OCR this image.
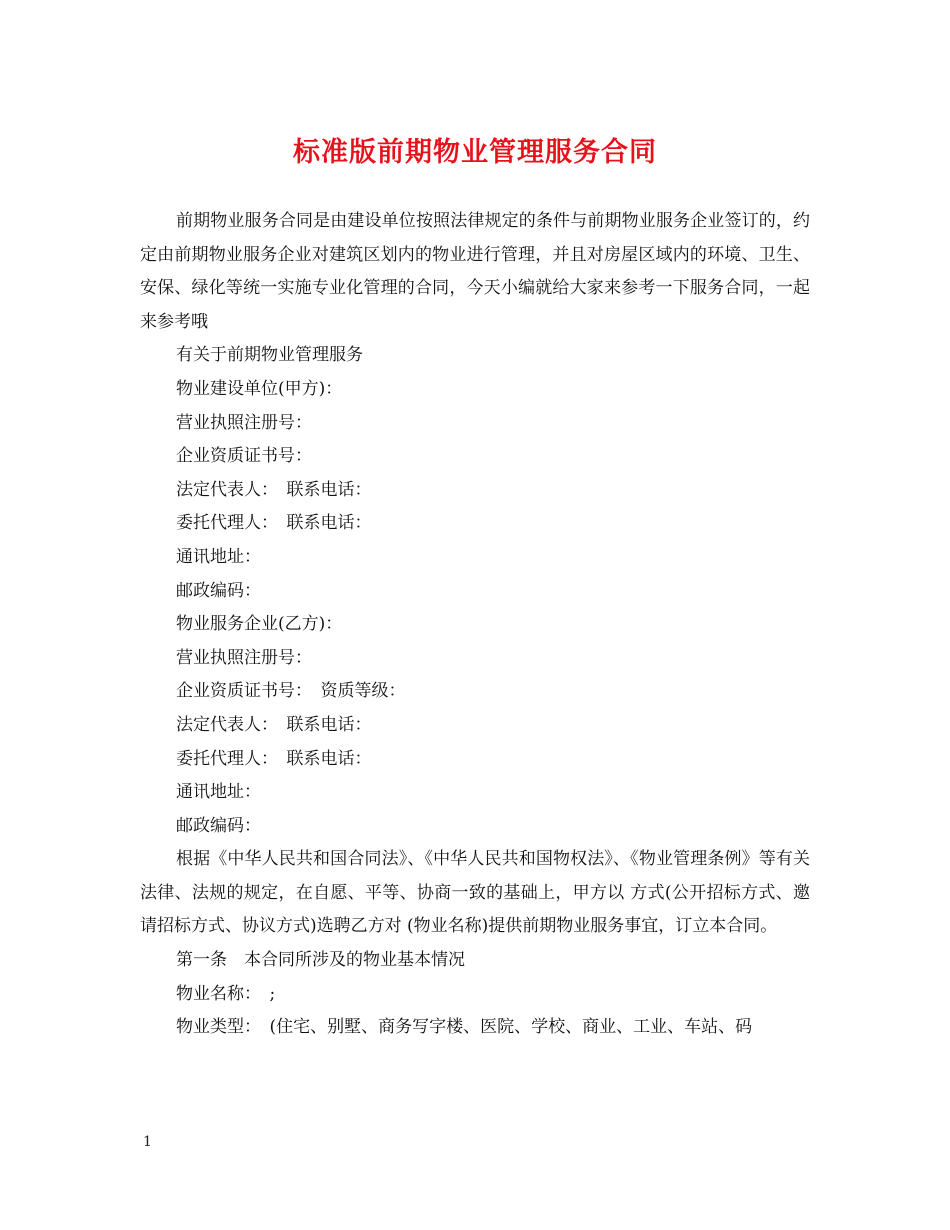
标准版前期物业管理服务合同

前期物业服务合同是由建设单位按照法律规定的条件与前期物业服务企业签订的，约定由前期物业服务企业对建筑区划内的物业进行管理，并且对房屋区域内的环境、卫生、安保、绿化等统一实施专业化管理的合同，今天小编就给大家来参考一下服务合同，一起来参考哦

有关于前期物业管理服务

物业建设单位(甲方)：

营业执照注册号：

企业资质证书号：

法定代表人：　联系电话：

委托代理人：　联系电话：

通讯地址：

邮政编码：

物业服务企业(乙方)：

营业执照注册号：

企业资质证书号：　资质等级：

法定代表人：　联系电话：

委托代理人：　联系电话：

通讯地址：

邮政编码：

根据《中华人民共和国合同法》、《中华人民共和国物权法》、《物业管理条例》等有关法律、法规的规定，在自愿、平等、协商一致的基础上，甲方以 方式(公开招标方式、邀请招标方式、协议方式)选聘乙方对 (物业名称)提供前期物业服务事宜，订立本合同。

第一条　本合同所涉及的物业基本情况

物业名称：　;

物业类型：　(住宅、别墅、商务写字楼、医院、学校、商业、工业、车站、码

1
